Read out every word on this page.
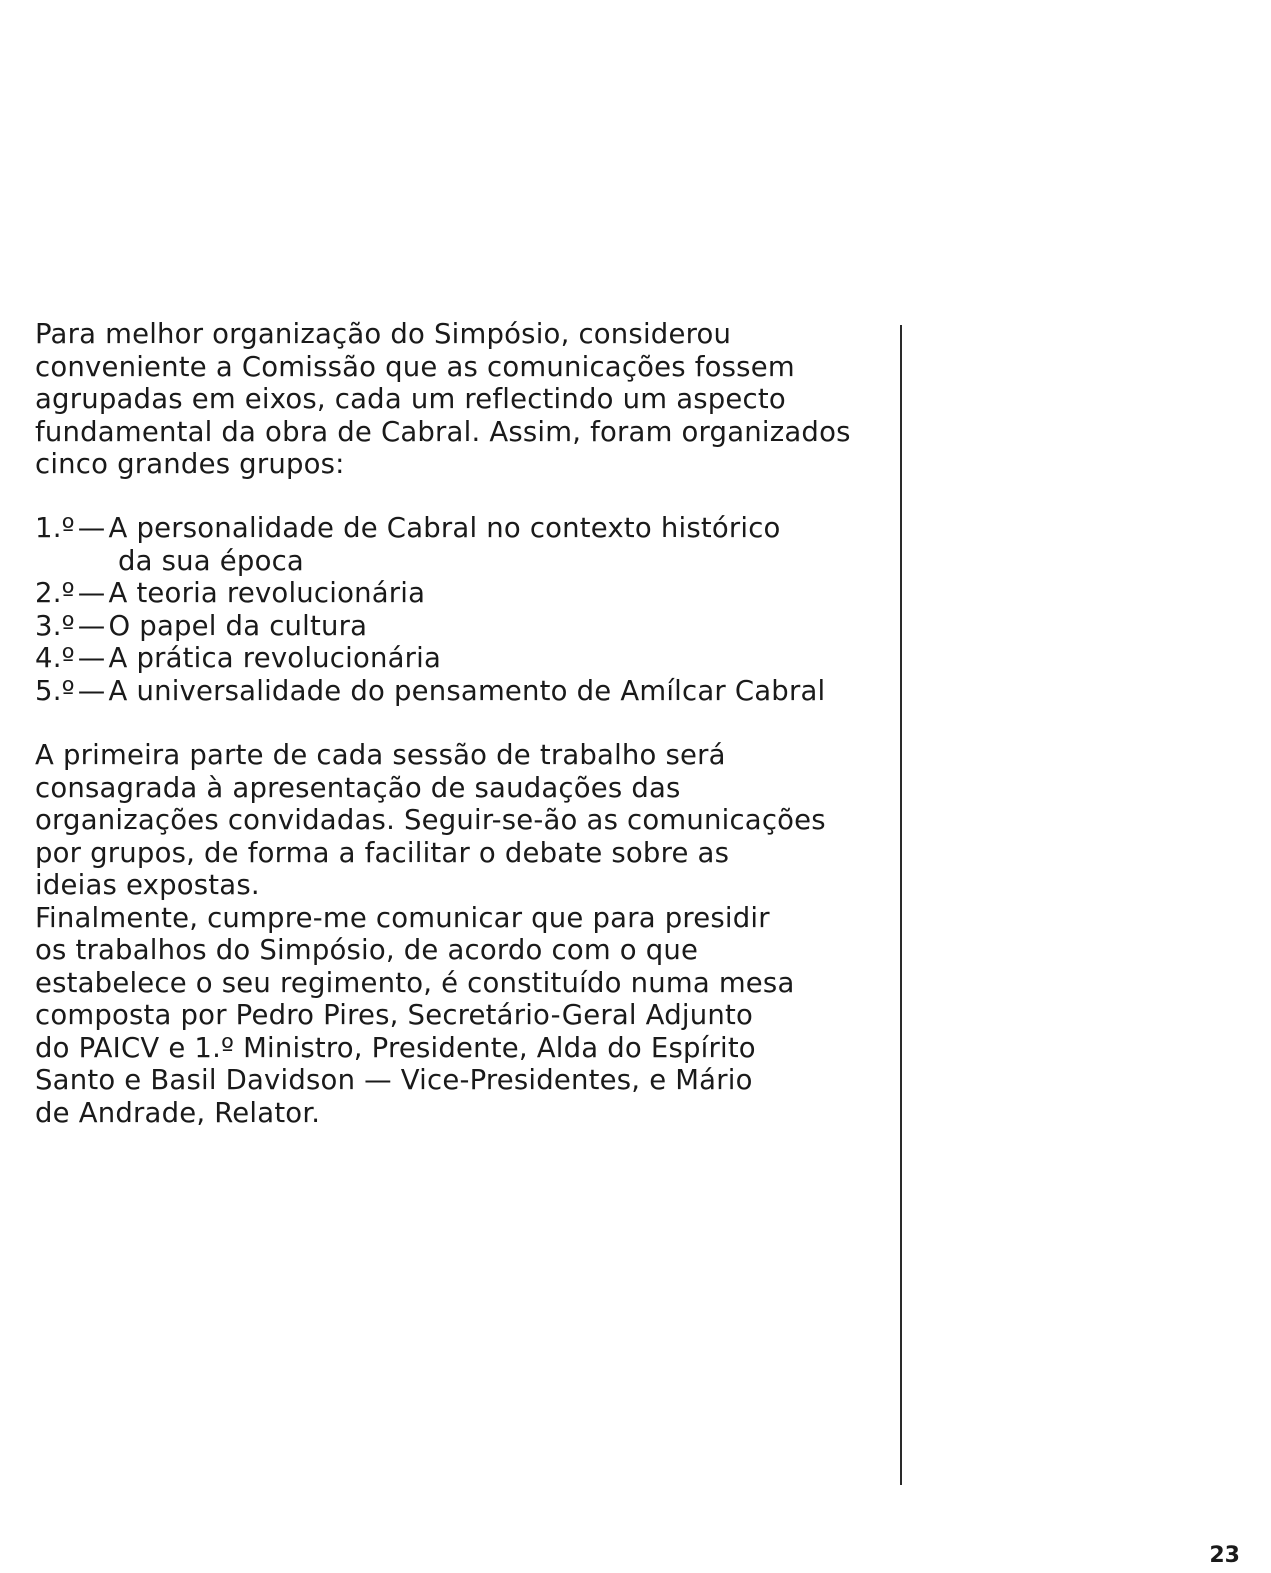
Para melhor organização do Simpósio, considerou
conveniente a Comissão que as comunicações fossem
agrupadas em eixos, cada um reflectindo um aspecto
fundamental da obra de Cabral. Assim, foram organizados
cinco grandes grupos:
1.º — A personalidade de Cabral no contexto histórico
da sua época
2.º — A teoria revolucionária
3.º — O papel da cultura
4.º — A prática revolucionária
5.º — A universalidade do pensamento de Amílcar Cabral
A primeira parte de cada sessão de trabalho será
consagrada à apresentação de saudações das
organizações convidadas. Seguir-se-ão as comunicações
por grupos, de forma a facilitar o debate sobre as
ideias expostas.
Finalmente, cumpre-me comunicar que para presidir
os trabalhos do Simpósio, de acordo com o que
estabelece o seu regimento, é constituído numa mesa
composta por Pedro Pires, Secretário-Geral Adjunto
do PAICV e 1.º Ministro, Presidente, Alda do Espírito
Santo e Basil Davidson — Vice-Presidentes, e Mário
de Andrade, Relator.
23
